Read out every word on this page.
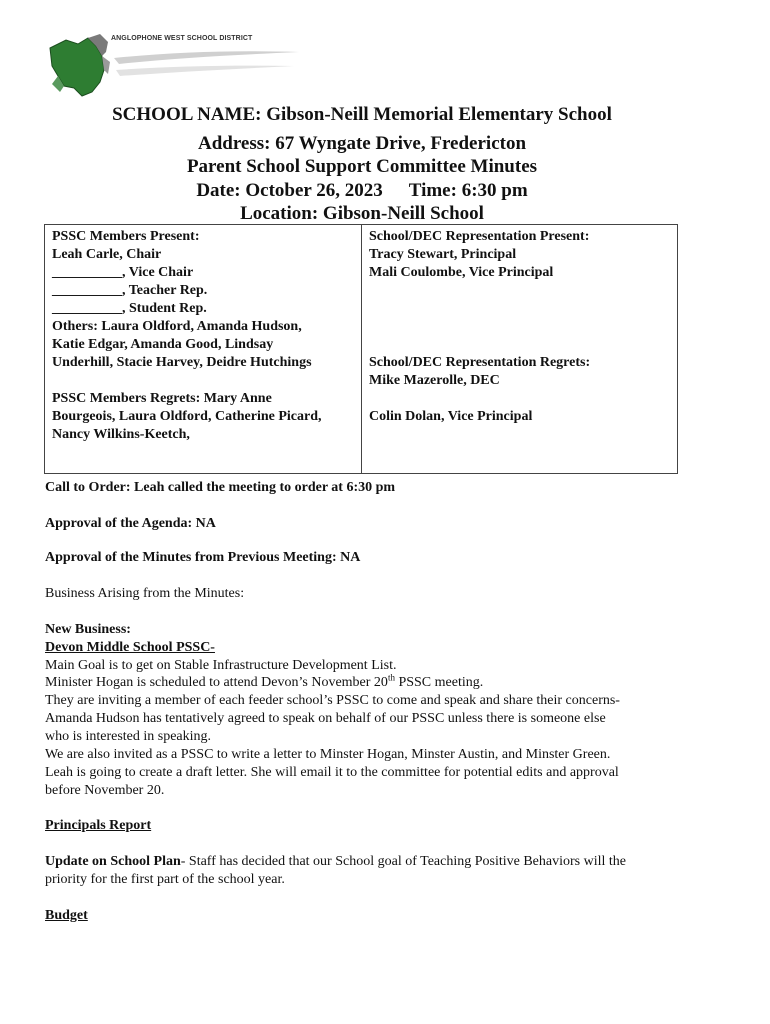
ANGLOPHONE WEST SCHOOL DISTRICT
SCHOOL NAME: Gibson-Neill Memorial Elementary School
Address: 67 Wyngate Drive, Fredericton
Parent School Support Committee Minutes
Date: October 26, 2023 Time: 6:30 pm
Location: Gibson-Neill School
PSSC Members Present:
Leah Carle, Chair
__________, Vice Chair
__________, Teacher Rep.
__________, Student Rep.
Others: Laura Oldford, Amanda Hudson,
Katie Edgar, Amanda Good, Lindsay
Underhill, Stacie Harvey, Deidre Hutchings
PSSC Members Regrets: Mary Anne
Bourgeois, Laura Oldford, Catherine Picard,
Nancy Wilkins-Keetch,
School/DEC Representation Present:
Tracy Stewart, Principal
Mali Coulombe, Vice Principal
School/DEC Representation Regrets:
Mike Mazerolle, DEC
Colin Dolan, Vice Principal
Call to Order: Leah called the meeting to order at 6:30 pm
Approval of the Agenda: NA
Approval of the Minutes from Previous Meeting: NA
Business Arising from the Minutes:
New Business:
Devon Middle School PSSC-
Main Goal is to get on Stable Infrastructure Development List.
Minister Hogan is scheduled to attend Devon’s November 20th PSSC meeting.
They are inviting a member of each feeder school’s PSSC to come and speak and share their concerns-
Amanda Hudson has tentatively agreed to speak on behalf of our PSSC unless there is someone else
who is interested in speaking.
We are also invited as a PSSC to write a letter to Minster Hogan, Minster Austin, and Minster Green.
Leah is going to create a draft letter. She will email it to the committee for potential edits and approval
before November 20.
Principals Report
Update on School Plan- Staff has decided that our School goal of Teaching Positive Behaviors will the
priority for the first part of the school year.
Budget
